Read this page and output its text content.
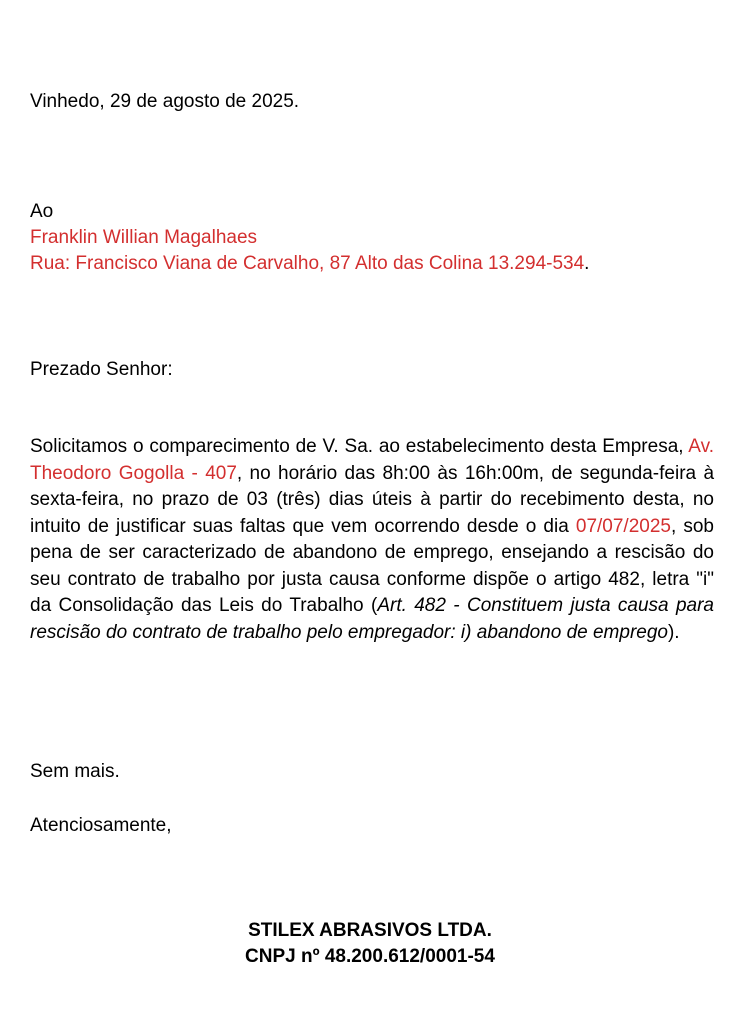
Vinhedo, 29 de agosto de 2025.
Ao
Franklin Willian Magalhaes
Rua: Francisco Viana de Carvalho, 87 Alto das Colina 13.294-534.
Prezado Senhor:
Solicitamos o comparecimento de V. Sa. ao estabelecimento desta Empresa, Av. Theodoro Gogolla - 407, no horário das 8h:00 às 16h:00m, de segunda-feira à sexta-feira, no prazo de 03 (três) dias úteis à partir do recebimento desta, no intuito de justificar suas faltas que vem ocorrendo desde o dia 07/07/2025, sob pena de ser caracterizado de abandono de emprego, ensejando a rescisão do seu contrato de trabalho por justa causa conforme dispõe o artigo 482, letra "i" da Consolidação das Leis do Trabalho (Art. 482 - Constituem justa causa para rescisão do contrato de trabalho pelo empregador: i) abandono de emprego).
Sem mais.
Atenciosamente,
STILEX ABRASIVOS LTDA.
CNPJ nº 48.200.612/0001-54
